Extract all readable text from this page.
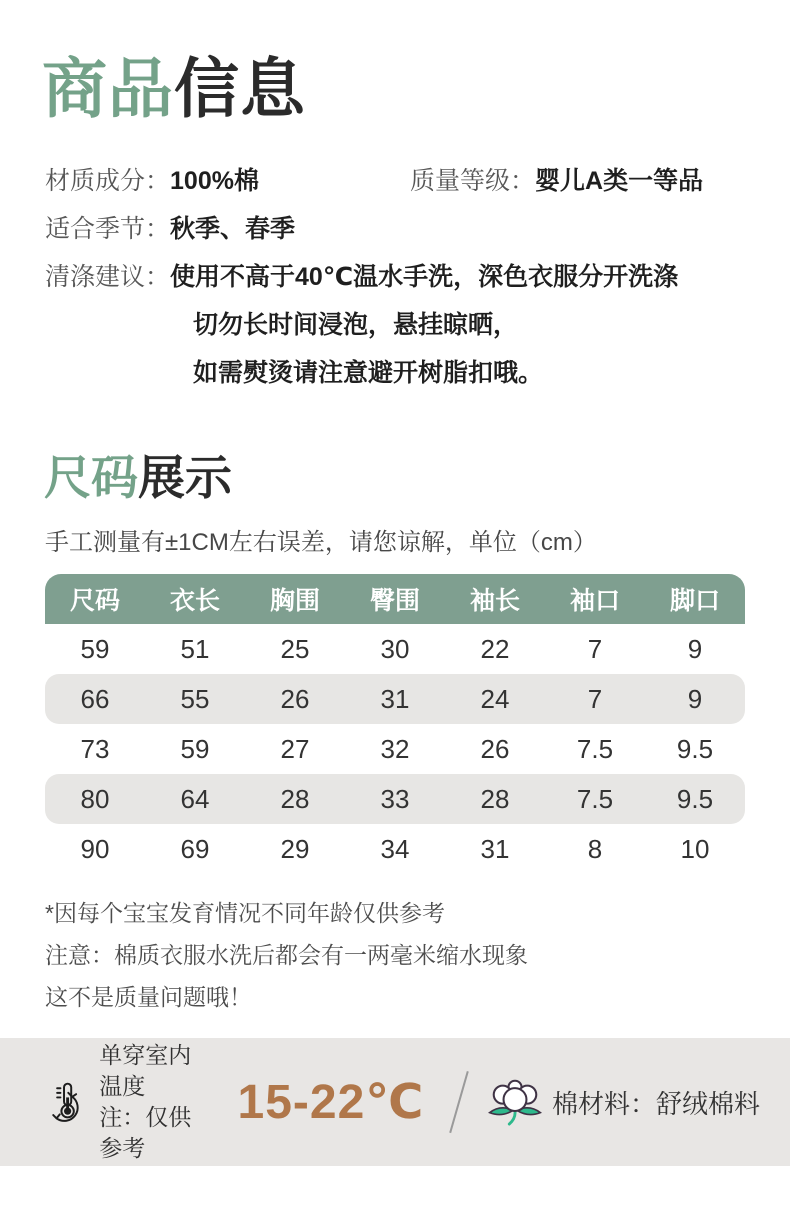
商品信息
材质成分：100%棉	质量等级：婴儿A类一等品
适合季节：秋季、春季
清涤建议：使用不高于40℃温水手洗，深色衣服分开洗涤
切勿长时间浸泡，悬挂晾晒，
如需熨烫请注意避开树脂扣哦。
尺码展示
手工测量有±1CM左右误差，请您谅解，单位（cm）
尺码	衣长	胸围	臀围	袖长	袖口	脚口
59	51	25	30	22	7	9
66	55	26	31	24	7	9
73	59	27	32	26	7.5	9.5
80	64	28	33	28	7.5	9.5
90	69	29	34	31	8	10
*因每个宝宝发育情况不同年龄仅供参考
注意：棉质衣服水洗后都会有一两毫米缩水现象
这不是质量问题哦！
单穿室内温度
注：仅供参考
15-22℃	棉材料：舒绒棉料
